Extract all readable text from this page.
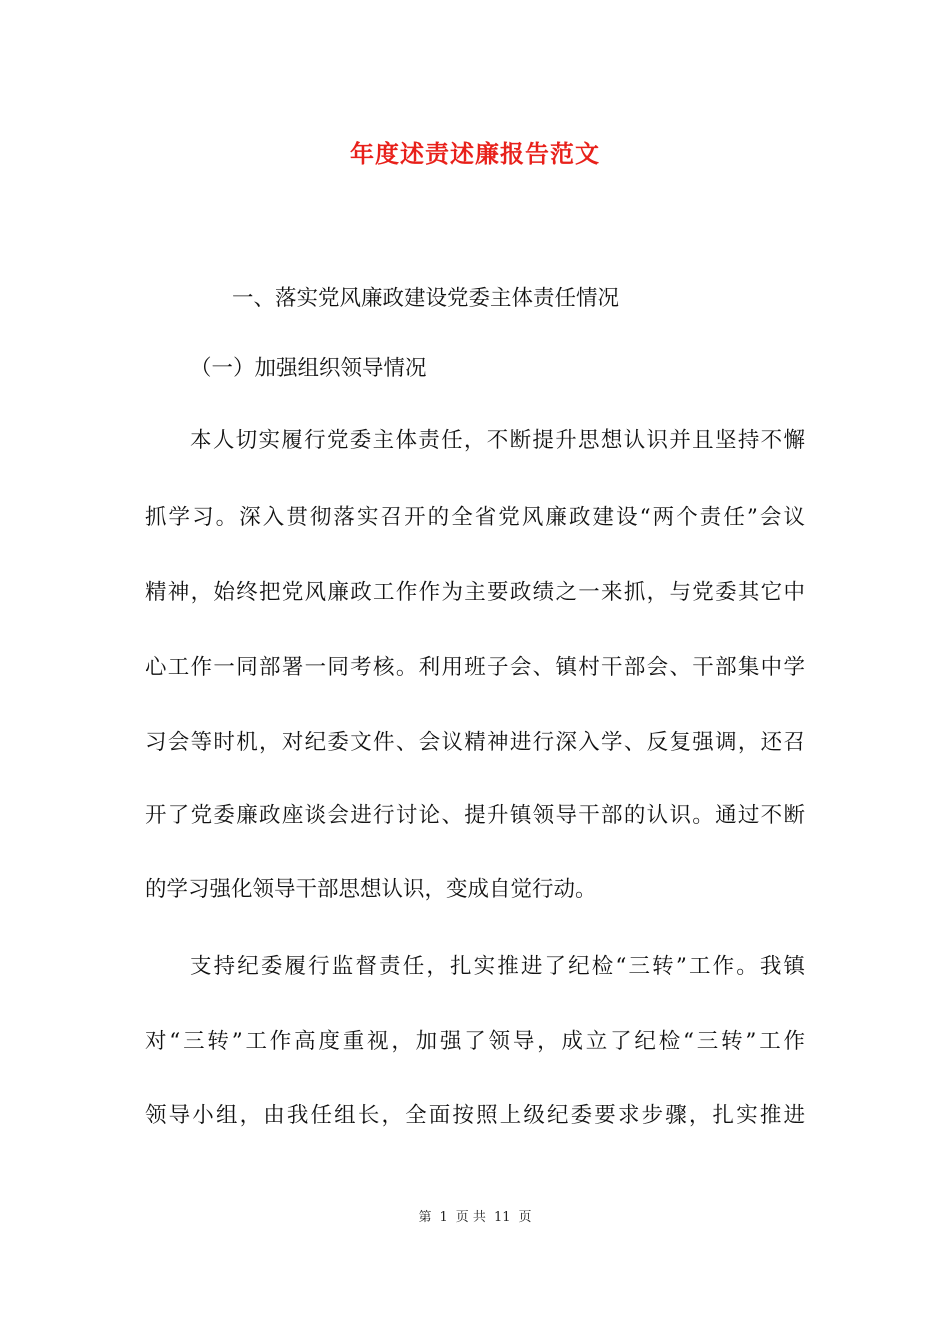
年度述责述廉报告范文

一、落实党风廉政建设党委主体责任情况

（一）加强组织领导情况

本人切实履行党委主体责任，不断提升思想认识并且坚持不懈

抓学习。深入贯彻落实召开的全省党风廉政建设“两个责任”会议

精神，始终把党风廉政工作作为主要政绩之一来抓，与党委其它中

心工作一同部署一同考核。利用班子会、镇村干部会、干部集中学

习会等时机，对纪委文件、会议精神进行深入学、反复强调，还召

开了党委廉政座谈会进行讨论、提升镇领导干部的认识。通过不断

的学习强化领导干部思想认识，变成自觉行动。

支持纪委履行监督责任，扎实推进了纪检“三转”工作。我镇

对“三转”工作高度重视，加强了领导，成立了纪检“三转”工作

领导小组，由我任组长，全面按照上级纪委要求步骤，扎实推进

第 1 页 共 11 页
